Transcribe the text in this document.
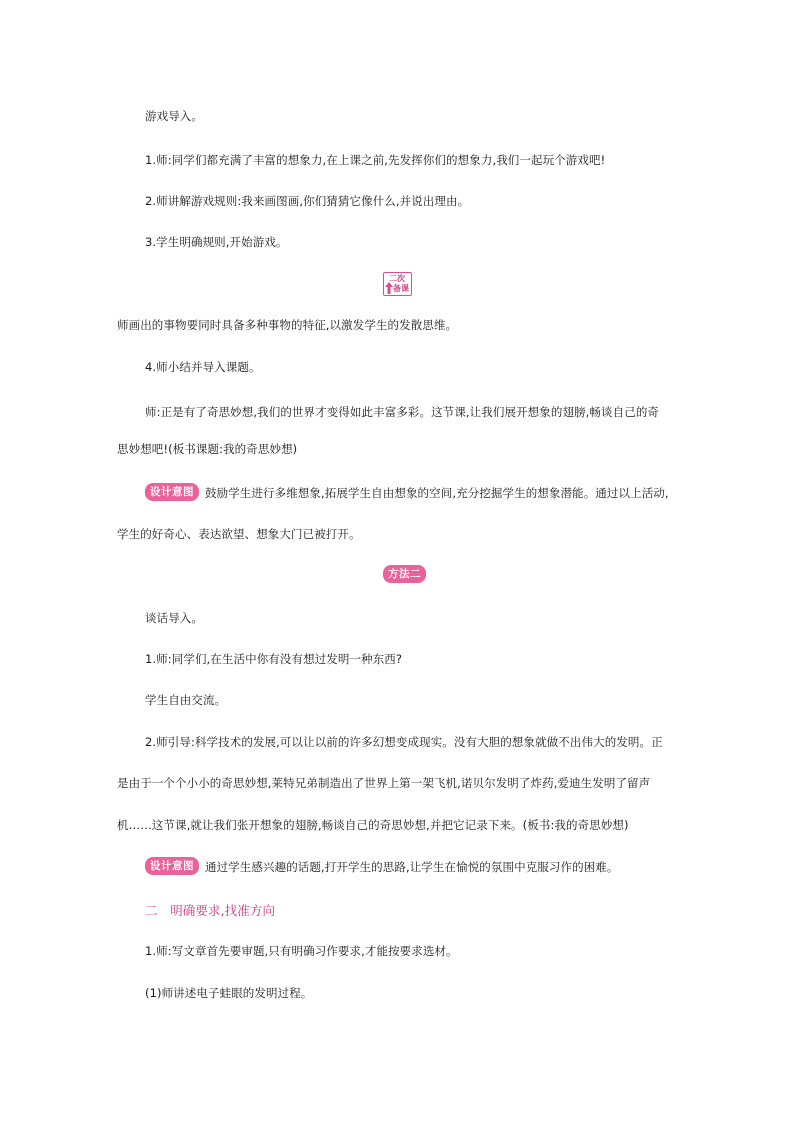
游戏导入。
1.师:同学们都充满了丰富的想象力,在上课之前,先发挥你们的想象力,我们一起玩个游戏吧!
2.师讲解游戏规则:我来画图画,你们猜猜它像什么,并说出理由。
3.学生明确规则,开始游戏。
二次
备课
师画出的事物要同时具备多种事物的特征,以激发学生的发散思维。
4.师小结并导入课题。
师:正是有了奇思妙想,我们的世界才变得如此丰富多彩。这节课,让我们展开想象的翅膀,畅谈自己的奇
思妙想吧!(板书课题:我的奇思妙想)
设计意图 鼓励学生进行多维想象,拓展学生自由想象的空间,充分挖掘学生的想象潜能。通过以上活动,
学生的好奇心、表达欲望、想象大门已被打开。
方法二
谈话导入。
1.师:同学们,在生活中你有没有想过发明一种东西?
学生自由交流。
2.师引导:科学技术的发展,可以让以前的许多幻想变成现实。没有大胆的想象就做不出伟大的发明。正
是由于一个个小小的奇思妙想,莱特兄弟制造出了世界上第一架飞机,诺贝尔发明了炸药,爱迪生发明了留声
机……这节课,就让我们张开想象的翅膀,畅谈自己的奇思妙想,并把它记录下来。(板书:我的奇思妙想)
设计意图 通过学生感兴趣的话题,打开学生的思路,让学生在愉悦的氛围中克服习作的困难。
二　明确要求,找准方向
1.师:写文章首先要审题,只有明确习作要求,才能按要求选材。
(1)师讲述电子蛙眼的发明过程。
